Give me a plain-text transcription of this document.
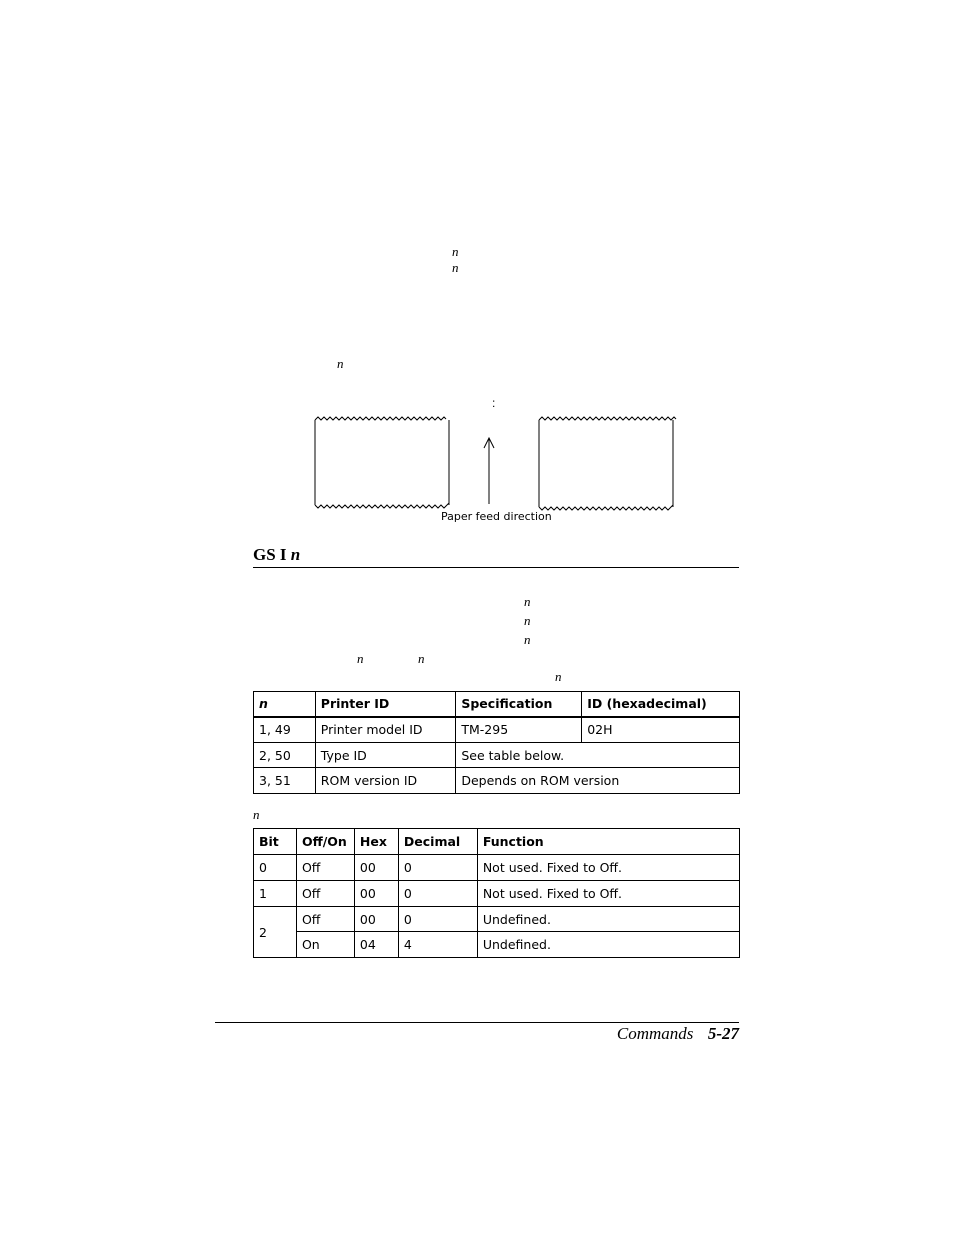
n
n
n
:
Paper feed direction
GS I n
n
n
n
n	n
n
n	Printer ID	Specification	ID (hexadecimal)
1, 49	Printer model ID	TM-295	02H
2, 50	Type ID	See table below.	
3, 51	ROM version ID	Depends on ROM version	
n
Bit	Off/On	Hex	Decimal	Function
0	Off	00	0	Not used. Fixed to Off.
1	Off	00	0	Not used. Fixed to Off.
2	Off	00	0	Undefined.
	On	04	4	Undefined.
Commands 5-27
